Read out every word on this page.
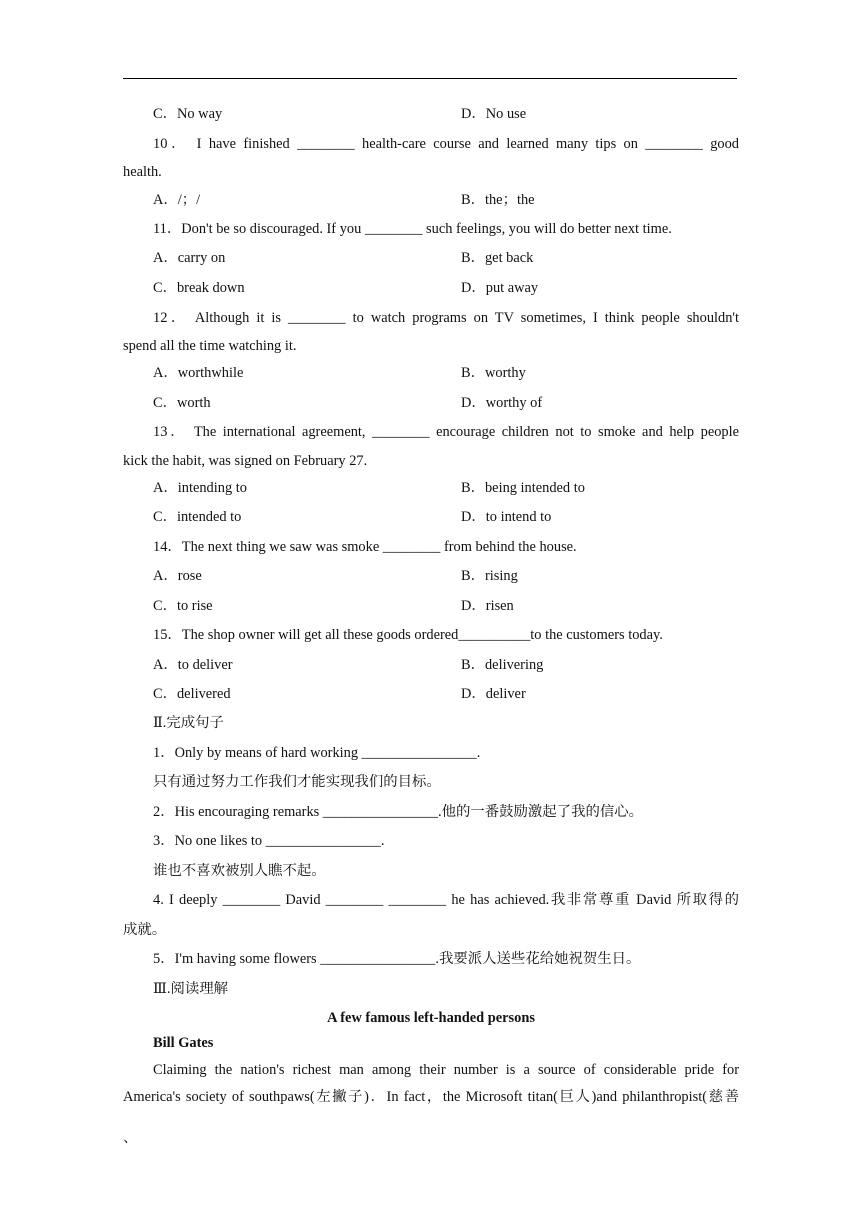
C．No way	D．No use
10． I have finished ________ health-care course and learned many tips on ________ good
health.
A．/；/	B．the；the
11．Don't be so discouraged. If you ________ such feelings, you will do better next time.
A．carry on	B．get back
C．break down	D．put away
12． Although it is ________ to watch programs on TV sometimes, I think people shouldn't
spend all the time watching it.
A．worthwhile	B．worthy
C．worth	D．worthy of
13． The international agreement, ________ encourage children not to smoke and help people
kick the habit, was signed on February 27.
A．intending to	B．being intended to
C．intended to	D．to intend to
14．The next thing we saw was smoke ________ from behind the house.
A．rose	B．rising
C．to rise	D．risen
15．The shop owner will get all these goods ordered__________to the customers today.
A．to deliver	B．delivering
C．delivered	D．deliver
Ⅱ.完成句子
1．Only by means of hard working ________________.
只有通过努力工作我们才能实现我们的目标。
2．His encouraging remarks ________________.他的一番鼓励激起了我的信心。
3．No one likes to ________________.
谁也不喜欢被别人瞧不起。
4. I deeply ________ David ________ ________ he has achieved.我非常尊重 David 所取得的
成就。
5．I'm having some flowers ________________.我要派人送些花给她祝贺生日。
Ⅲ.阅读理解
A few famous left-handed persons
Bill Gates
Claiming the nation's richest man among their number is a source of considerable pride for
America's society of southpaws(左撇子)．In fact，the Microsoft titan(巨人)and philanthropist(慈善
、
